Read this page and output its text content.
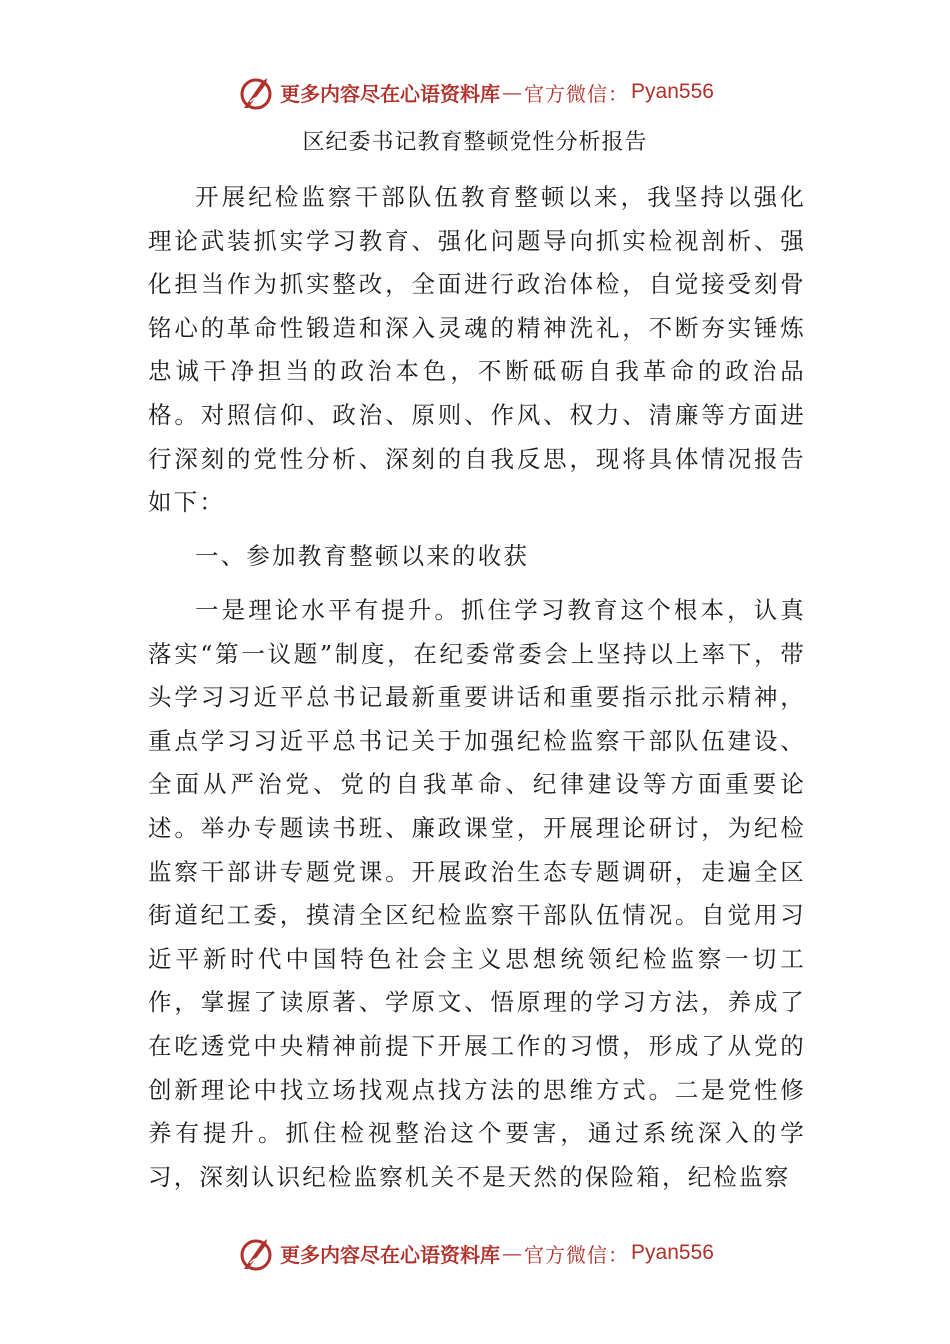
更多内容尽在心语资料库 — 官方微信： Pyan556
区纪委书记教育整顿党性分析报告

开展纪检监察干部队伍教育整顿以来，我坚持以强化理论武装抓实学习教育、强化问题导向抓实检视剖析、强化担当作为抓实整改，全面进行政治体检，自觉接受刻骨铭心的革命性锻造和深入灵魂的精神洗礼，不断夯实锤炼忠诚干净担当的政治本色，不断砥砺自我革命的政治品格。对照信仰、政治、原则、作风、权力、清廉等方面进行深刻的党性分析、深刻的自我反思，现将具体情况报告如下：

一、参加教育整顿以来的收获

一是理论水平有提升。抓住学习教育这个根本，认真落实“第一议题”制度，在纪委常委会上坚持以上率下，带头学习习近平总书记最新重要讲话和重要指示批示精神，重点学习习近平总书记关于加强纪检监察干部队伍建设、全面从严治党、党的自我革命、纪律建设等方面重要论述。举办专题读书班、廉政课堂，开展理论研讨，为纪检监察干部讲专题党课。开展政治生态专题调研，走遍全区街道纪工委，摸清全区纪检监察干部队伍情况。自觉用习近平新时代中国特色社会主义思想统领纪检监察一切工作，掌握了读原著、学原文、悟原理的学习方法，养成了在吃透党中央精神前提下开展工作的习惯，形成了从党的创新理论中找立场找观点找方法的思维方式。二是党性修养有提升。抓住检视整治这个要害，通过系统深入的学习，深刻认识纪检监察机关不是天然的保险箱，纪检监察

更多内容尽在心语资料库 — 官方微信： Pyan556
